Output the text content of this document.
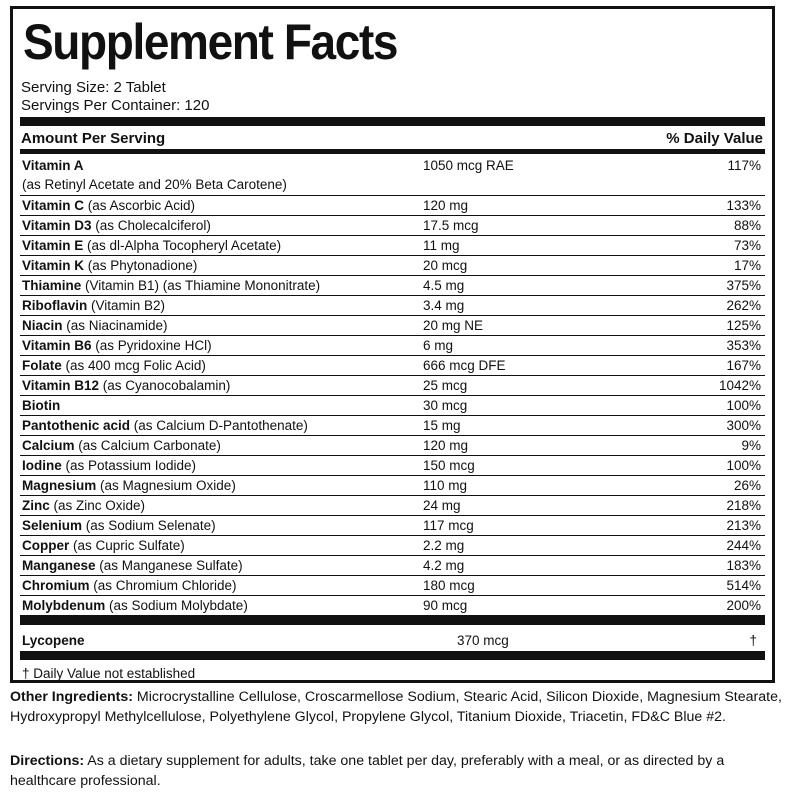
Supplement Facts
Serving Size: 2 Tablet
Servings Per Container: 120
Amount Per Serving	% Daily Value
Vitamin A
(as Retinyl Acetate and 20% Beta Carotene)
1050 mcg RAE	117%
Vitamin C (as Ascorbic Acid)	120 mg	133%
Vitamin D3 (as Cholecalciferol)	17.5 mcg	88%
Vitamin E (as dl-Alpha Tocopheryl Acetate)	11 mg	73%
Vitamin K (as Phytonadione)	20 mcg	17%
Thiamine (Vitamin B1) (as Thiamine Mononitrate)	4.5 mg	375%
Riboflavin (Vitamin B2)	3.4 mg	262%
Niacin (as Niacinamide)	20 mg NE	125%
Vitamin B6 (as Pyridoxine HCl)	6 mg	353%
Folate (as 400 mcg Folic Acid)	666 mcg DFE	167%
Vitamin B12 (as Cyanocobalamin)	25 mcg	1042%
Biotin	30 mcg	100%
Pantothenic acid (as Calcium D-Pantothenate)	15 mg	300%
Calcium (as Calcium Carbonate)	120 mg	9%
Iodine (as Potassium Iodide)	150 mcg	100%
Magnesium (as Magnesium Oxide)	110 mg	26%
Zinc (as Zinc Oxide)	24 mg	218%
Selenium (as Sodium Selenate)	117 mcg	213%
Copper (as Cupric Sulfate)	2.2 mg	244%
Manganese (as Manganese Sulfate)	4.2 mg	183%
Chromium (as Chromium Chloride)	180 mcg	514%
Molybdenum (as Sodium Molybdate)	90 mcg	200%
Lycopene	370 mcg	†
† Daily Value not established
Other Ingredients: Microcrystalline Cellulose, Croscarmellose Sodium, Stearic Acid, Silicon Dioxide, Magnesium Stearate, Hydroxypropyl Methylcellulose, Polyethylene Glycol, Propylene Glycol, Titanium Dioxide, Triacetin, FD&C Blue #2.
Directions: As a dietary supplement for adults, take one tablet per day, preferably with a meal, or as directed by a healthcare professional.
